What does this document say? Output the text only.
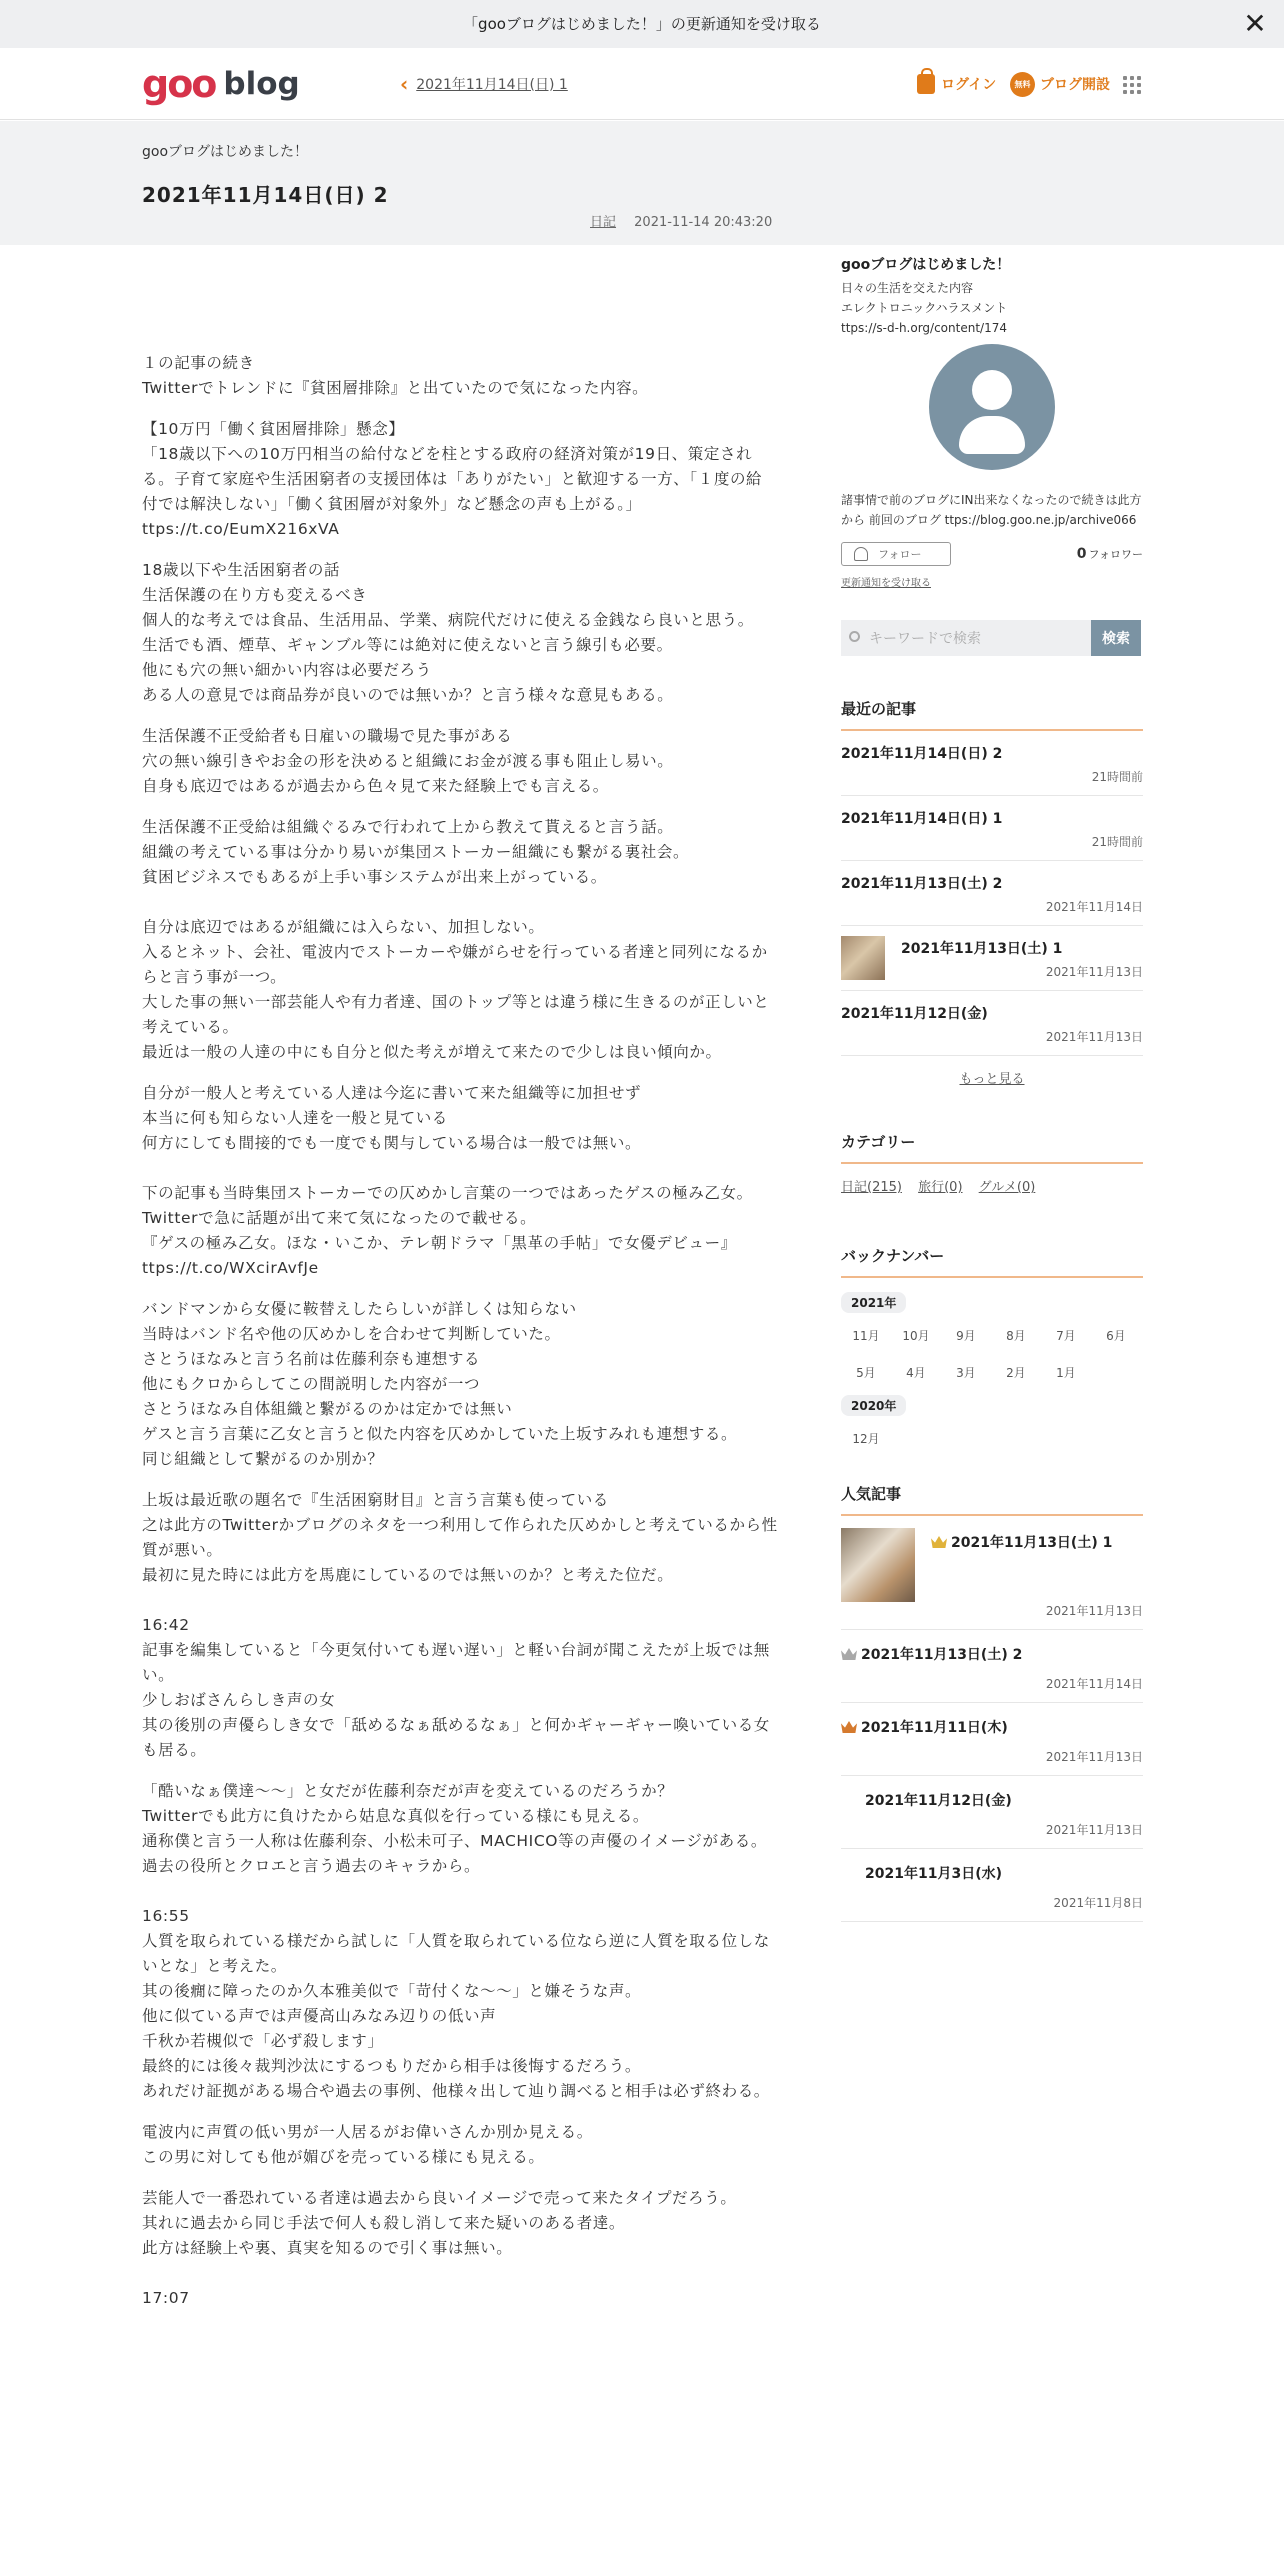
「gooブログはじめました！」の更新通知を受け取る	✕
goo blog	‹ 2021年11月14日(日) 1	ログイン	無料 ブログ開設
gooブログはじめました！
2021年11月14日(日) 2
日記 2021-11-14 20:43:20

１の記事の続き
Twitterでトレンドに『貧困層排除』と出ていたので気になった内容。

【10万円「働く貧困層排除」懸念】
「18歳以下への10万円相当の給付などを柱とする政府の経済対策が19日、策定される。子育て家庭や生活困窮者の支援団体は「ありがたい」と歓迎する一方、「１度の給付では解決しない」「働く貧困層が対象外」など懸念の声も上がる。」
ttps://t.co/EumX216xVA

18歳以下や生活困窮者の話
生活保護の在り方も変えるべき
個人的な考えでは食品、生活用品、学業、病院代だけに使える金銭なら良いと思う。
生活でも酒、煙草、ギャンブル等には絶対に使えないと言う線引も必要。
他にも穴の無い細かい内容は必要だろう
ある人の意見では商品券が良いのでは無いか？と言う様々な意見もある。

生活保護不正受給者も日雇いの職場で見た事がある
穴の無い線引きやお金の形を決めると組織にお金が渡る事も阻止し易い。
自身も底辺ではあるが過去から色々見て来た経験上でも言える。

生活保護不正受給は組織ぐるみで行われて上から教えて貰えると言う話。
組織の考えている事は分かり易いが集団ストーカー組織にも繋がる裏社会。
貧困ビジネスでもあるが上手い事システムが出来上がっている。

自分は底辺ではあるが組織には入らない、加担しない。
入るとネット、会社、電波内でストーカーや嫌がらせを行っている者達と同列になるからと言う事が一つ。
大した事の無い一部芸能人や有力者達、国のトップ等とは違う様に生きるのが正しいと考えている。
最近は一般の人達の中にも自分と似た考えが増えて来たので少しは良い傾向か。

自分が一般人と考えている人達は今迄に書いて来た組織等に加担せず
本当に何も知らない人達を一般と見ている
何方にしても間接的でも一度でも関与している場合は一般では無い。

下の記事も当時集団ストーカーでの仄めかし言葉の一つではあったゲスの極み乙女。
Twitterで急に話題が出て来て気になったので載せる。
『ゲスの極み乙女。ほな・いこか、テレ朝ドラマ「黒革の手帖」で女優デビュー』
ttps://t.co/WXcirAvfJe

バンドマンから女優に鞍替えしたらしいが詳しくは知らない
当時はバンド名や他の仄めかしを合わせて判断していた。
さとうほなみと言う名前は佐藤利奈も連想する
他にもクロからしてこの間説明した内容が一つ
さとうほなみ自体組織と繋がるのかは定かでは無い
ゲスと言う言葉に乙女と言うと似た内容を仄めかしていた上坂すみれも連想する。
同じ組織として繋がるのか別か？

上坂は最近歌の題名で『生活困窮財目』と言う言葉も使っている
之は此方のTwitterかブログのネタを一つ利用して作られた仄めかしと考えているから性質が悪い。
最初に見た時には此方を馬鹿にしているのでは無いのか？と考えた位だ。

16:42
記事を編集していると「今更気付いても遅い遅い」と軽い台詞が聞こえたが上坂では無い。
少しおばさんらしき声の女
其の後別の声優らしき女で「舐めるなぁ舐めるなぁ」と何かギャーギャー喚いている女も居る。

「酷いなぁ僕達～～」と女だが佐藤利奈だが声を変えているのだろうか？
Twitterでも此方に負けたから姑息な真似を行っている様にも見える。
通称僕と言う一人称は佐藤利奈、小松未可子、MACHICO等の声優のイメージがある。
過去の役所とクロエと言う過去のキャラから。

16:55
人質を取られている様だから試しに「人質を取られている位なら逆に人質を取る位しないとな」と考えた。
其の後癇に障ったのか久本雅美似で「苛付くな～～」と嫌そうな声。
他に似ている声では声優高山みなみ辺りの低い声
千秋か若槻似で「必ず殺します」
最終的には後々裁判沙汰にするつもりだから相手は後悔するだろう。
あれだけ証拠がある場合や過去の事例、他様々出して辿り調べると相手は必ず終わる。

電波内に声質の低い男が一人居るがお偉いさんか別か見える。
この男に対しても他が媚びを売っている様にも見える。

芸能人で一番恐れている者達は過去から良いイメージで売って来たタイプだろう。
其れに過去から同じ手法で何人も殺し消して来た疑いのある者達。
此方は経験上や裏、真実を知るので引く事は無い。

17:07

gooブログはじめました！
日々の生活を交えた内容
エレクトロニックハラスメント
ttps://s-d-h.org/content/174
諸事情で前のブログにIN出来なくなったので続きは此方から 前回のブログ ttps://blog.goo.ne.jp/archive066
フォロー	0 フォロワー
更新通知を受け取る
キーワードで検索	検索
最近の記事
2021年11月14日(日) 2
21時間前
2021年11月14日(日) 1
21時間前
2021年11月13日(土) 2
2021年11月14日
2021年11月13日(土) 1
2021年11月13日
2021年11月12日(金)
2021年11月13日
もっと見る
カテゴリー
日記(215) 旅行(0) グルメ(0)
バックナンバー
2021年
11月	10月	9月	8月	7月	6月
5月	4月	3月	2月	1月
2020年
12月
人気記事
2021年11月13日(土) 1
2021年11月13日
2021年11月13日(土) 2
2021年11月14日
2021年11月11日(木)
2021年11月13日
2021年11月12日(金)
2021年11月13日
2021年11月3日(水)
2021年11月8日
